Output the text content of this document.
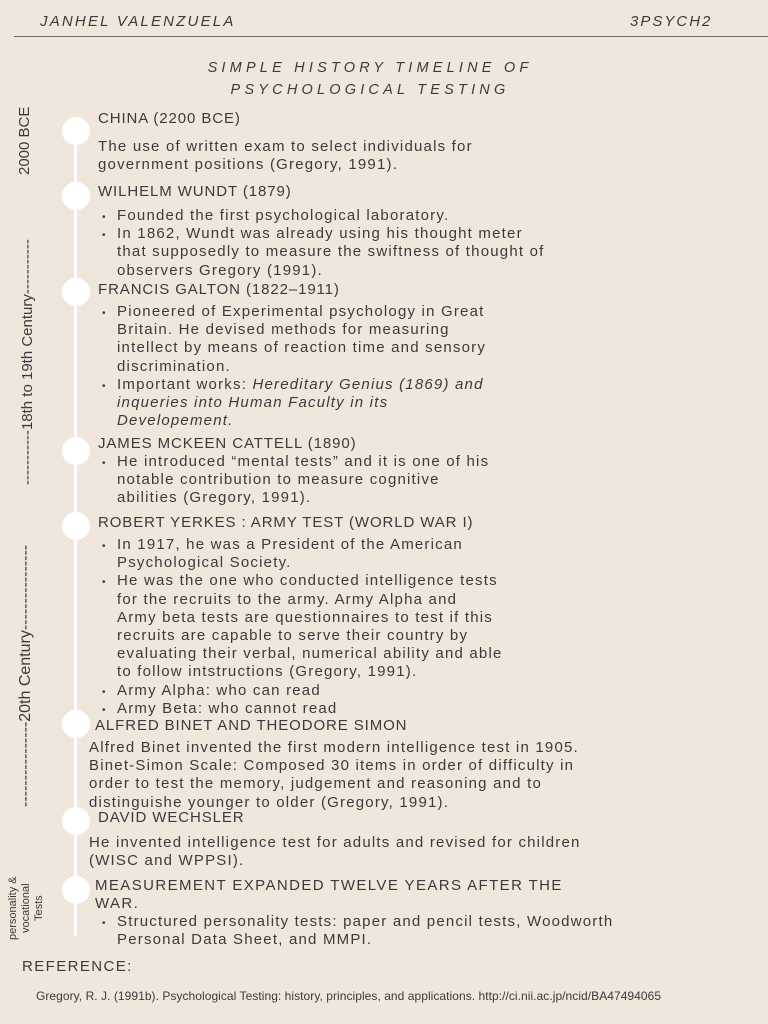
JANHEL VALENZUELA	3PSYCH2
SIMPLE HISTORY TIMELINE OF
PSYCHOLOGICAL TESTING
2000 BCE
-----------18th to 19th Century-----------
----------------20th Century----------------
personality & vocational Tests
CHINA (2200 BCE)
The use of written exam to select individuals for
government positions (Gregory, 1991).
WILHELM WUNDT (1879)
• Founded the first psychological laboratory.
• In 1862, Wundt was already using his thought meter
that supposedly to measure the swiftness of thought of
observers Gregory (1991).
FRANCIS GALTON (1822–1911)
• Pioneered of Experimental psychology in Great
Britain. He devised methods for measuring
intellect by means of reaction time and sensory
discrimination.
• Important works: Hereditary Genius (1869) and
inqueries into Human Faculty in its
Developement.
JAMES MCKEEN CATTELL (1890)
• He introduced “mental tests” and it is one of his
notable contribution to measure cognitive
abilities (Gregory, 1991).
ROBERT YERKES : ARMY TEST (WORLD WAR I)
• In 1917, he was a President of the American
Psychological Society.
• He was the one who conducted intelligence tests
for the recruits to the army. Army Alpha and
Army beta tests are questionnaires to test if this
recruits are capable to serve their country by
evaluating their verbal, numerical ability and able
to follow intstructions (Gregory, 1991).
• Army Alpha: who can read
• Army Beta: who cannot read
ALFRED BINET AND THEODORE SIMON
Alfred Binet invented the first modern intelligence test in 1905.
Binet-Simon Scale: Composed 30 items in order of difficulty in
order to test the memory, judgement and reasoning and to
distinguishe younger to older (Gregory, 1991).
DAVID WECHSLER
He invented intelligence test for adults and revised for children
(WISC and WPPSI).
MEASUREMENT EXPANDED TWELVE YEARS AFTER THE
WAR.
• Structured personality tests: paper and pencil tests, Woodworth
Personal Data Sheet, and MMPI.
REFERENCE:
Gregory, R. J. (1991b). Psychological Testing: history, principles, and applications. http://ci.nii.ac.jp/ncid/BA47494065
